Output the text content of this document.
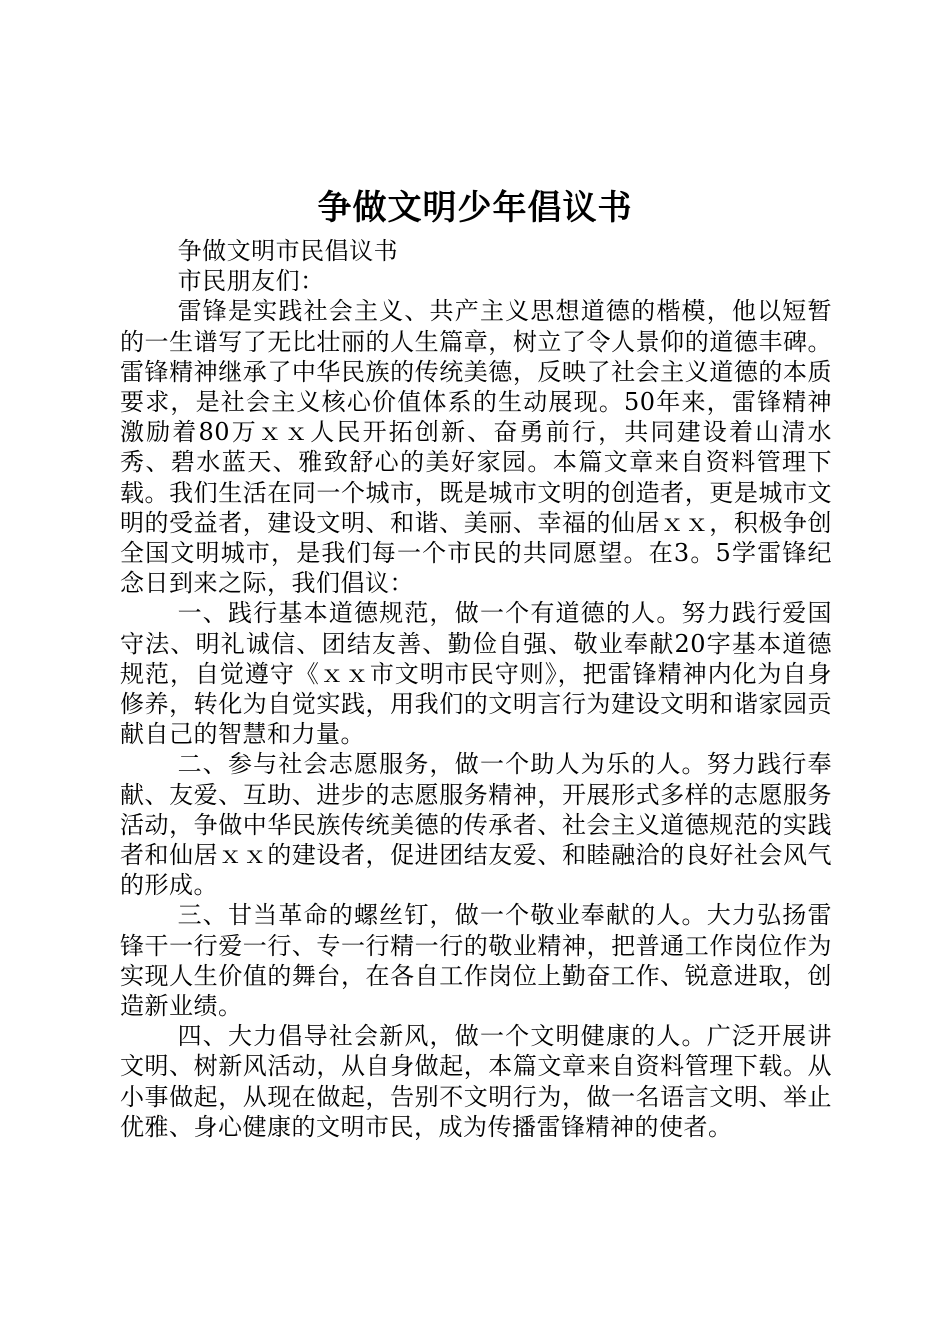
争做文明少年倡议书

争做文明市民倡议书

市民朋友们：

雷锋是实践社会主义、共产主义思想道德的楷模，他以短暂的一生谱写了无比壮丽的人生篇章，树立了令人景仰的道德丰碑。雷锋精神继承了中华民族的传统美德，反映了社会主义道德的本质要求，是社会主义核心价值体系的生动展现。50年来，雷锋精神激励着80万ｘｘ人民开拓创新、奋勇前行，共同建设着山清水秀、碧水蓝天、雅致舒心的美好家园。本篇文章来自资料管理下载。我们生活在同一个城市，既是城市文明的创造者，更是城市文明的受益者，建设文明、和谐、美丽、幸福的仙居ｘｘ，积极争创全国文明城市，是我们每一个市民的共同愿望。在3。5学雷锋纪念日到来之际，我们倡议：

一、践行基本道德规范，做一个有道德的人。努力践行爱国守法、明礼诚信、团结友善、勤俭自强、敬业奉献20字基本道德规范，自觉遵守《ｘｘ市文明市民守则》，把雷锋精神内化为自身修养，转化为自觉实践，用我们的文明言行为建设文明和谐家园贡献自己的智慧和力量。

二、参与社会志愿服务，做一个助人为乐的人。努力践行奉献、友爱、互助、进步的志愿服务精神，开展形式多样的志愿服务活动，争做中华民族传统美德的传承者、社会主义道德规范的实践者和仙居ｘｘ的建设者，促进团结友爱、和睦融洽的良好社会风气的形成。

三、甘当革命的螺丝钉，做一个敬业奉献的人。大力弘扬雷锋干一行爱一行、专一行精一行的敬业精神，把普通工作岗位作为实现人生价值的舞台，在各自工作岗位上勤奋工作、锐意进取，创造新业绩。

四、大力倡导社会新风，做一个文明健康的人。广泛开展讲文明、树新风活动，从自身做起，本篇文章来自资料管理下载。从小事做起，从现在做起，告别不文明行为，做一名语言文明、举止优雅、身心健康的文明市民，成为传播雷锋精神的使者。
